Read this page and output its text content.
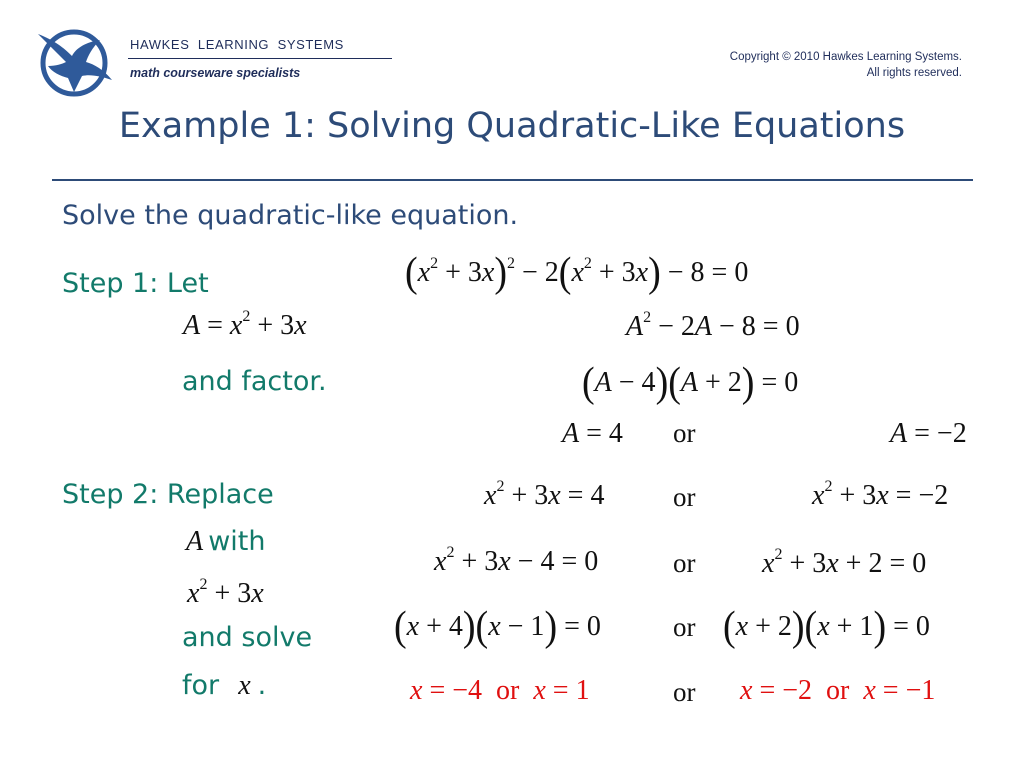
HAWKES  LEARNING  SYSTEMS
math courseware specialists
Copyright © 2010 Hawkes Learning Systems.
All rights reserved.
Example 1: Solving Quadratic-Like Equations
Solve the quadratic-like equation.
Step 1: Let
$A = x^2 + 3x$
and factor.
Step 2: Replace
A with
$x^2 + 3x$
and solve
for x .
$(x^2 + 3x)^2 - 2(x^2 + 3x) - 8 = 0$
$A^2 - 2A - 8 = 0$
(A − 4)(A + 2) = 0
A = 4 or	A = −2
$x^2 + 3x = 4$	or	$x^2 + 3x = -2$
$x^2 + 3x - 4 = 0$	or $x^2 + 3x + 2 = 0$
(x + 4)(x − 1) = 0	or (x + 2)(x + 1) = 0
x = −4  or  x = 1	or x = −2  or  x = −1
